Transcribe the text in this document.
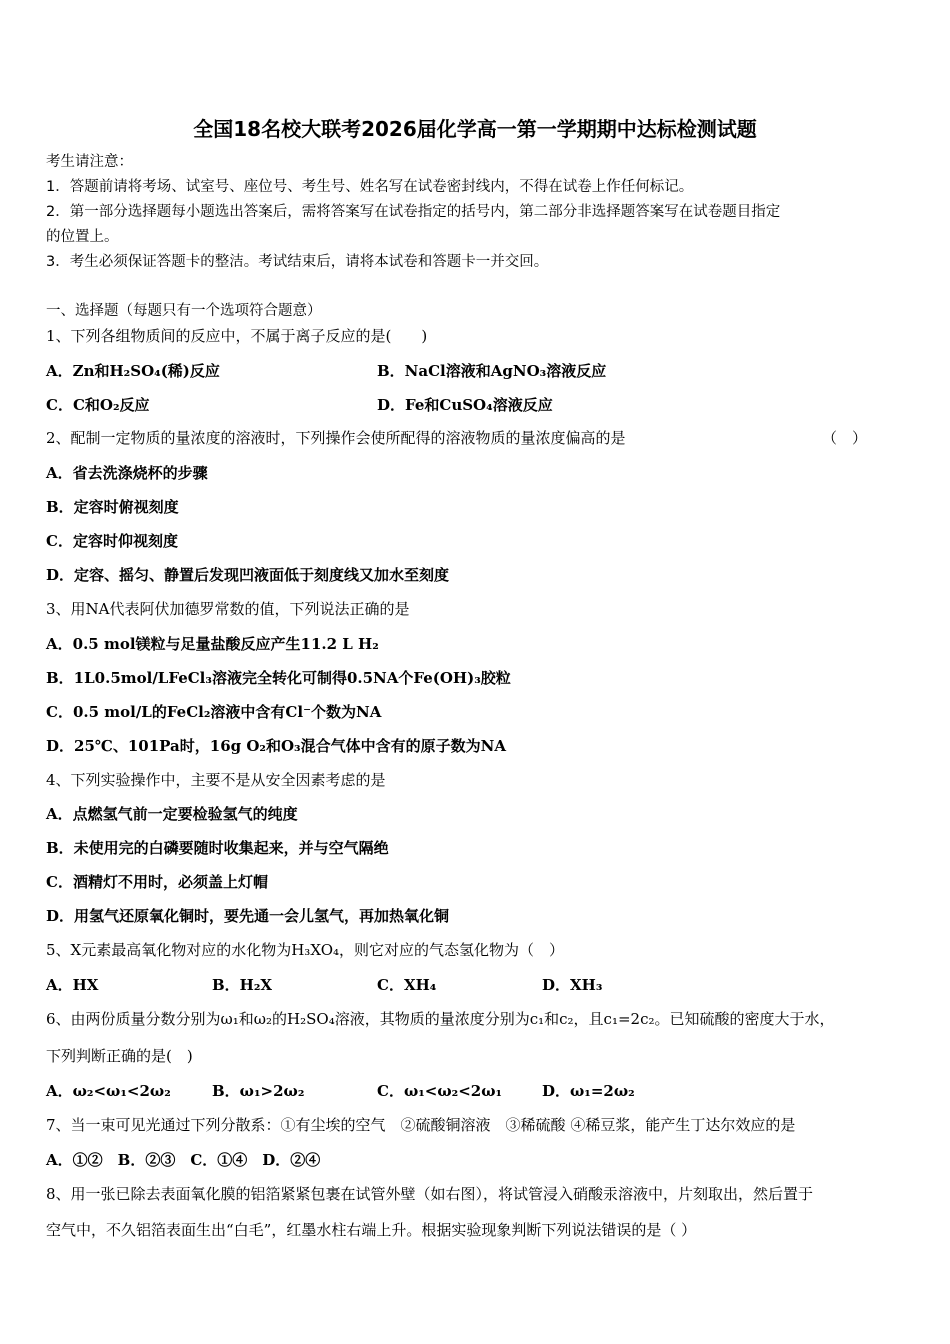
全国18名校大联考2026届化学高一第一学期期中达标检测试题
考生请注意：
1．答题前请将考场、试室号、座位号、考生号、姓名写在试卷密封线内，不得在试卷上作任何标记。
2．第一部分选择题每小题选出答案后，需将答案写在试卷指定的括号内，第二部分非选择题答案写在试卷题目指定
的位置上。
3．考生必须保证答题卡的整洁。考试结束后，请将本试卷和答题卡一并交回。
一、选择题（每题只有一个选项符合题意）
1、下列各组物质间的反应中，不属于离子反应的是(　　)
A．Zn和H₂SO₄(稀)反应	B．NaCl溶液和AgNO₃溶液反应
C．C和O₂反应	D．Fe和CuSO₄溶液反应
2、配制一定物质的量浓度的溶液时，下列操作会使所配得的溶液物质的量浓度偏高的是	（　）
A．省去洗涤烧杯的步骤
B．定容时俯视刻度
C．定容时仰视刻度
D．定容、摇匀、静置后发现凹液面低于刻度线又加水至刻度
3、用NA代表阿伏加德罗常数的值，下列说法正确的是
A．0.5 mol镁粒与足量盐酸反应产生11.2 L H₂
B．1L0.5mol/LFeCl₃溶液完全转化可制得0.5NA个Fe(OH)₃胶粒
C．0.5 mol/L的FeCl₂溶液中含有Cl⁻个数为NA
D．25℃、101Pa时，16g O₂和O₃混合气体中含有的原子数为NA
4、下列实验操作中，主要不是从安全因素考虑的是
A．点燃氢气前一定要检验氢气的纯度
B．未使用完的白磷要随时收集起来，并与空气隔绝
C．酒精灯不用时，必须盖上灯帽
D．用氢气还原氧化铜时，要先通一会儿氢气，再加热氧化铜
5、X元素最高氧化物对应的水化物为H₃XO₄，则它对应的气态氢化物为（　）
A．HX	B．H₂X	C．XH₄	D．XH₃
6、由两份质量分数分别为ω₁和ω₂的H₂SO₄溶液，其物质的量浓度分别为c₁和c₂，且c₁=2c₂。已知硫酸的密度大于水，
下列判断正确的是(　)
A．ω₂<ω₁<2ω₂	B．ω₁>2ω₂	C．ω₁<ω₂<2ω₁	D．ω₁=2ω₂
7、当一束可见光通过下列分散系：①有尘埃的空气　②硫酸铜溶液　③稀硫酸 ④稀豆浆，能产生丁达尔效应的是
A．①②　B．②③　C．①④　D．②④
8、用一张已除去表面氧化膜的铝箔紧紧包裹在试管外壁（如右图），将试管浸入硝酸汞溶液中，片刻取出，然后置于
空气中，不久铝箔表面生出“白毛”，红墨水柱右端上升。根据实验现象判断下列说法错误的是（ ）
